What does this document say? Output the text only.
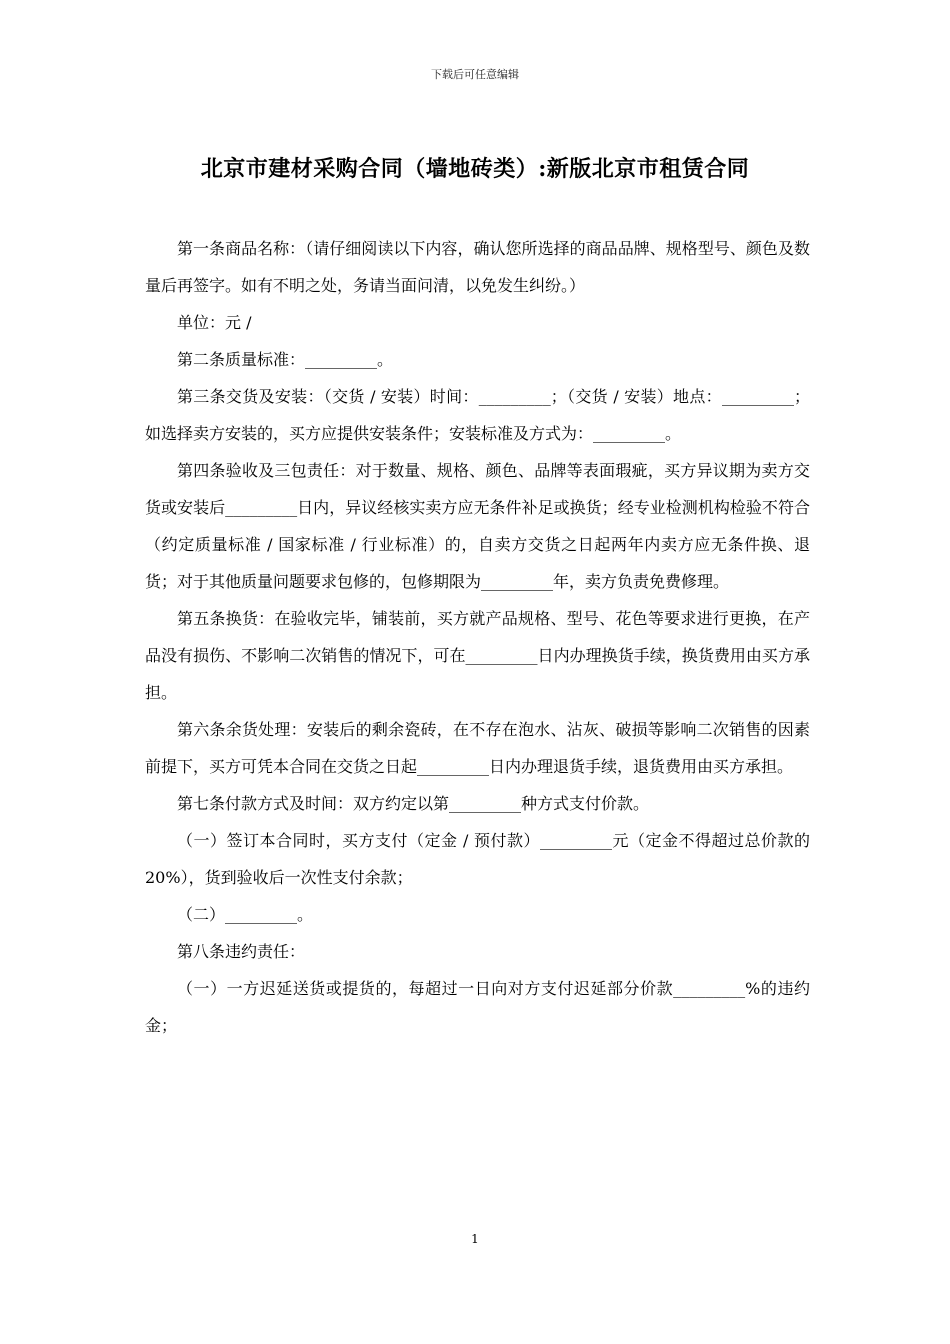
下载后可任意编辑
北京市建材采购合同（墙地砖类）:新版北京市租赁合同

第一条商品名称：（请仔细阅读以下内容，确认您所选择的商品品牌、规格型号、颜色及数量后再签字。如有不明之处，务请当面问清，以免发生纠纷。）

单位：元 /

第二条质量标准：_________。

第三条交货及安装：（交货 / 安装）时间：_________；（交货 / 安装）地点：_________；如选择卖方安装的，买方应提供安装条件；安装标准及方式为：_________。

第四条验收及三包责任：对于数量、规格、颜色、品牌等表面瑕疵，买方异议期为卖方交货或安装后_________日内，异议经核实卖方应无条件补足或换货；经专业检测机构检验不符合（约定质量标准 / 国家标准 / 行业标准）的，自卖方交货之日起两年内卖方应无条件换、退货；对于其他质量问题要求包修的，包修期限为_________年，卖方负责免费修理。

第五条换货：在验收完毕，铺装前，买方就产品规格、型号、花色等要求进行更换，在产品没有损伤、不影响二次销售的情况下，可在_________日内办理换货手续，换货费用由买方承担。

第六条余货处理：安装后的剩余瓷砖，在不存在泡水、沾灰、破损等影响二次销售的因素前提下，买方可凭本合同在交货之日起_________日内办理退货手续，退货费用由买方承担。

第七条付款方式及时间：双方约定以第_________种方式支付价款。

（一）签订本合同时，买方支付（定金 / 预付款）_________元（定金不得超过总价款的 20%），货到验收后一次性支付余款；

（二）_________。

第八条违约责任：

（一）一方迟延送货或提货的，每超过一日向对方支付迟延部分价款_________%的违约金；

1
